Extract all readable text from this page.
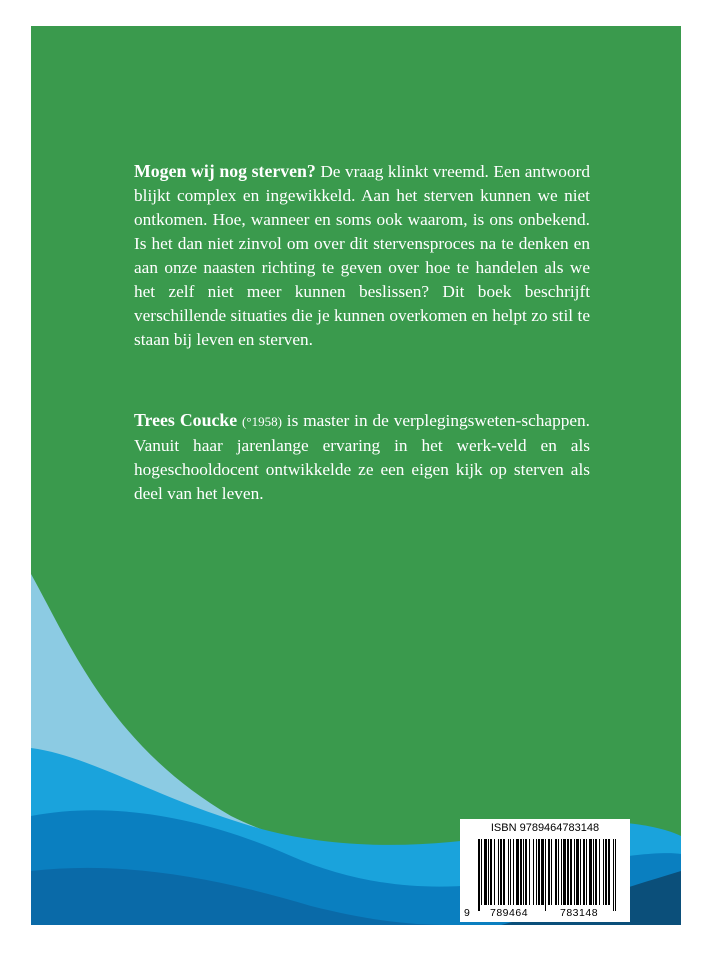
Mogen wij nog sterven? De vraag klinkt vreemd. Een antwoord blijkt complex en ingewikkeld. Aan het sterven kunnen we niet ontkomen. Hoe, wanneer en soms ook waarom, is ons onbekend. Is het dan niet zinvol om over dit stervensproces na te denken en aan onze naasten richting te geven over hoe te handelen als we het zelf niet meer kunnen beslissen? Dit boek beschrijft verschillende situaties die je kunnen overkomen en helpt zo stil te staan bij leven en sterven.

Trees Coucke (°1958) is master in de verplegingsweten-schappen. Vanuit haar jarenlange ervaring in het werk-veld en als hogeschooldocent ontwikkelde ze een eigen kijk op sterven als deel van het leven.

ISBN 9789464783148
9 789464	783148
